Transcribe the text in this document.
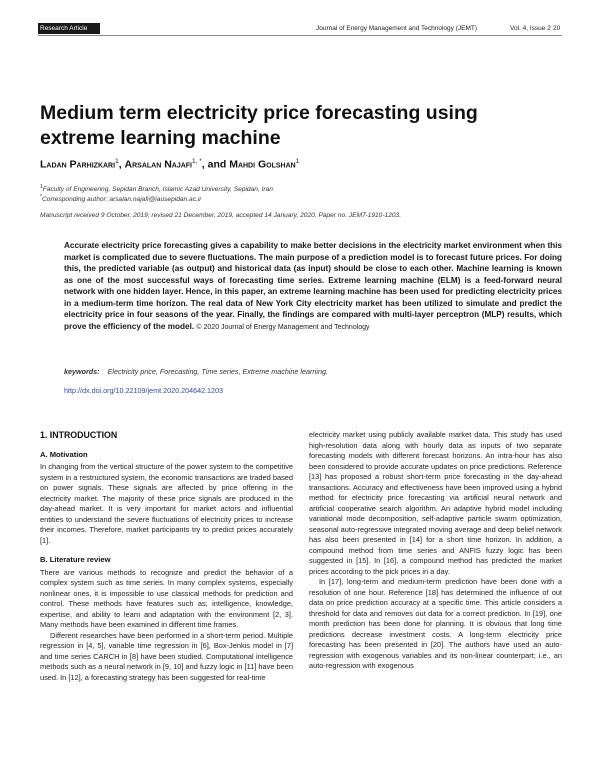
Research Article	Journal of Energy Management and Technology (JEMT)	Vol. 4, Issue 2 20
Medium term electricity price forecasting using extreme learning machine
Ladan Parhizkari$^1$, Arsalan Najafi$^{1, *}$, and Mahdi Golshan$^1$
$^1$Faculty of Engineering, Sepidan Branch, Islamic Azad University, Sepidan, Iran
*Corresponding author: arsalan.najafi@iausepidan.ac.ir
Manuscript received 9 October, 2019; revised 21 December, 2019, accepted 14 January, 2020. Paper no. JEMT-1910-1203.

Accurate electricity price forecasting gives a capability to make better decisions in the electricity market environment when this market is complicated due to severe fluctuations. The main purpose of a prediction model is to forecast future prices. For doing this, the predicted variable (as output) and historical data (as input) should be close to each other. Machine learning is known as one of the most successful ways of forecasting time series. Extreme learning machine (ELM) is a feed-forward neural network with one hidden layer. Hence, in this paper, an extreme learning machine has been used for predicting electricity prices in a medium-term time horizon. The real data of New York City electricity market has been utilized to simulate and predict the electricity price in four seasons of the year. Finally, the findings are compared with multi-layer perceptron (MLP) results, which prove the efficiency of the model. © 2020 Journal of Energy Management and Technology

keywords: Electricity price, Forecasting, Time series, Extreme machine learning.
http://dx.doi.org/10.22109/jemt.2020.204642.1203
1. INTRODUCTION
A. Motivation

In changing from the vertical structure of the power system to the competitive system in a restructured system, the economic transactions are traded based on power signals. These signals are affected by price offering in the electricity market. The majority of these price signals are produced in the day-ahead market. It is very important for market actors and influential entities to understand the severe fluctuations of electricity prices to increase their incomes. Therefore, market participants try to predict prices accurately [1].

B. Literature review

There are various methods to recognize and predict the behavior of a complex system such as time series. In many complex systems, especially nonlinear ones, it is impossible to use classical methods for prediction and control. These methods have features such as; intelligence, knowledge, expertise, and ability to learn and adaptation with the environment [2, 3]. Many methods have been examined in different time frames.

Different researches have been performed in a short-term period. Multiple regression in [4, 5], variable time regression in [6], Box-Jenkis model in [7] and time series CARCH in [8] have been studied. Computational intelligence methods such as a neural network in [9, 10] and fuzzy logic in [11] have been used. In [12], a forecasting strategy has been suggested for real-time

electricity market using publicly available market data. This study has used high-resolution data along with hourly data as inputs of two separate forecasting models with different forecast horizons. An intra-hour has also been considered to provide accurate updates on price predictions. Reference [13] has proposed a robust short-term price forecasting in the day-ahead transactions. Accuracy and effectiveness have been improved using a hybrid method for electricity price forecasting via artificial neural network and artificial cooperative search algorithm. An adaptive hybrid model including variational mode decomposition, self-adaptive particle swarm optimization, seasonal auto-regressive integrated moving average and deep belief network has also been presented in [14] for a short time horizon. In addition, a compound method from time series and ANFIS fuzzy logic has been suggested in [15]. In [16], a compound method has predicted the market prices according to the pick prices in a day.

In [17], long-term and medium-term prediction have been done with a resolution of one hour. Reference [18] has determined the influence of out data on price prediction accuracy at a specific time. This article considers a threshold for data and removes out data for a correct prediction. In [19], one month prediction has been done for planning. It is obvious that long time predictions decrease investment costs. A long-term electricity price forecasting has been presented in [20]. The authors have used an auto-regression with exogenous variables and its non-linear counterpart; i.e., an auto-regression with exogenous
